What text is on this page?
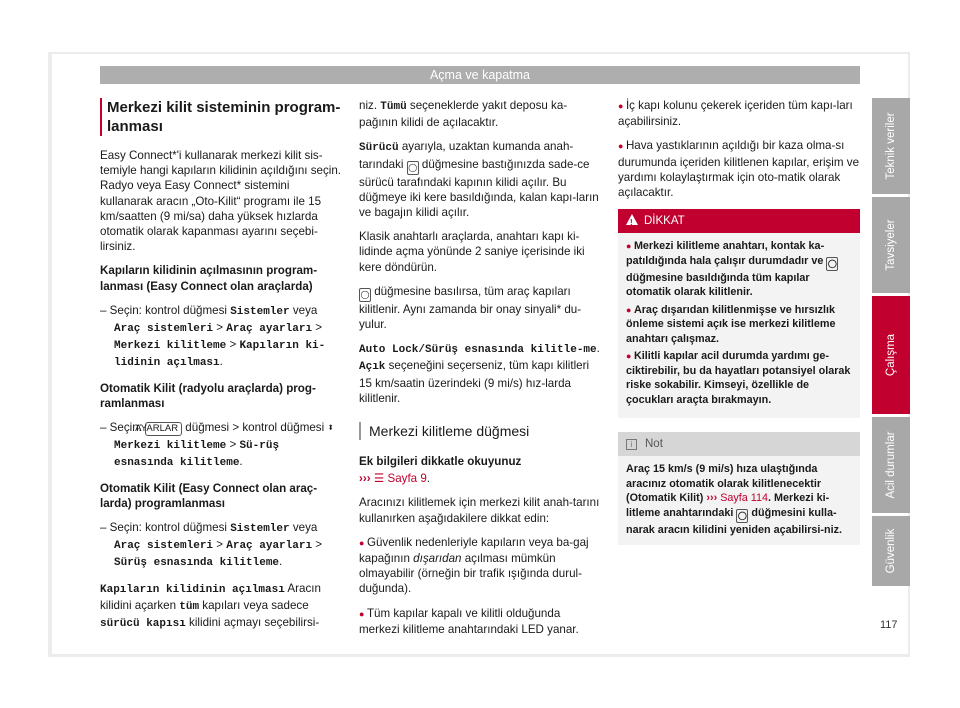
Açma ve kapatma
Merkezi kilit sisteminin program-lanması

Easy Connect*'i kullanarak merkezi kilit sis-temiyle hangi kapıların kilidinin açıldığını seçin. Radyo veya Easy Connect* sistemini kullanarak aracın „Oto-Kilit“ programı ile 15 km/saatten (9 mi/sa) daha yüksek hızlarda otomatik olarak kapanması ayarını seçebi-lirsiniz.

Kapıların kilidinin açılmasının program-lanması (Easy Connect olan araçlarda)

– Seçin: kontrol düğmesi Sistemler veya Araç sistemleri > Araç ayarları > Merkezi kilitleme > Kapıların ki-lidinin açılması.

Otomatik Kilit (radyolu araçlarda) prog-ramlanması

– Seçin: AYARLAR düğmesi > kontrol düğmesi ⬍ Merkezi kilitleme > Sü-rüş esnasında kilitleme.

Otomatik Kilit (Easy Connect olan araç-larda) programlanması

– Seçin: kontrol düğmesi Sistemler veya Araç sistemleri > Araç ayarları > Sürüş esnasında kilitleme.

Kapıların kilidinin açılması Aracın kilidini açarken tüm kapıları veya sadece sürücü kapısı kilidini açmayı seçebilirsi-

niz. Tümü seçeneklerde yakıt deposu ka-pağının kilidi de açılacaktır.

Sürücü ayarıyla, uzaktan kumanda anah-tarındaki ◯ düğmesine bastığınızda sade-ce sürücü tarafındaki kapının kilidi açılır. Bu düğmeye iki kere basıldığında, kalan kapı-ların ve bagajın kilidi açılır.

Klasik anahtarlı araçlarda, anahtarı kapı ki-lidinde açma yönünde 2 saniye içerisinde iki kere döndürün.

◯ düğmesine basılırsa, tüm araç kapıları kilitlenir. Aynı zamanda bir onay sinyali* du-yulur.

Auto Lock/Sürüş esnasında kilitle-me. Açık seçeneğini seçerseniz, tüm kapı kilitleri 15 km/saatin üzerindeki (9 mi/s) hız-larda kilitlenir.

Merkezi kilitleme düğmesi

Ek bilgileri dikkatle okuyunuz

››› ☰ Sayfa 9.

Aracınızı kilitlemek için merkezi kilit anah-tarını kullanırken aşağıdakilere dikkat edin:

● Güvenlik nedenleriyle kapıların veya ba-gaj kapağının dışarıdan açılması mümkün olmayabilir (örneğin bir trafik ışığında durul-duğunda).

● Tüm kapılar kapalı ve kilitli olduğunda merkezi kilitleme anahtarındaki LED yanar.

● İç kapı kolunu çekerek içeriden tüm kapı-ları açabilirsiniz.

● Hava yastıklarının açıldığı bir kaza olma-sı durumunda içeriden kilitlenen kapılar, erişim ve yardımı kolaylaştırmak için oto-matik olarak açılacaktır.

!DİKKAT

● Merkezi kilitleme anahtarı, kontak ka-patıldığında hala çalışır durumdadır ve ◯ düğmesine basıldığında tüm kapılar otomatik olarak kilitlenir.

● Araç dışarıdan kilitlenmişse ve hırsızlık önleme sistemi açık ise merkezi kilitleme anahtarı çalışmaz.

● Kilitli kapılar acil durumda yardımı ge-ciktirebilir, bu da hayatları potansiyel olarak riske sokabilir. Kimseyi, özellikle de çocukları araçta bırakmayın.

i Not
Araç 15 km/s (9 mi/s) hıza ulaştığında aracınız otomatik olarak kilitlenecektir (Otomatik Kilit) ››› Sayfa 114. Merkezi ki-litleme anahtarındaki ◯ düğmesini kulla-narak aracın kilidini yeniden açabilirsi-niz.
Teknik veriler
Tavsiyeler
Çalışma
Acil durumlar
Güvenlik
117
